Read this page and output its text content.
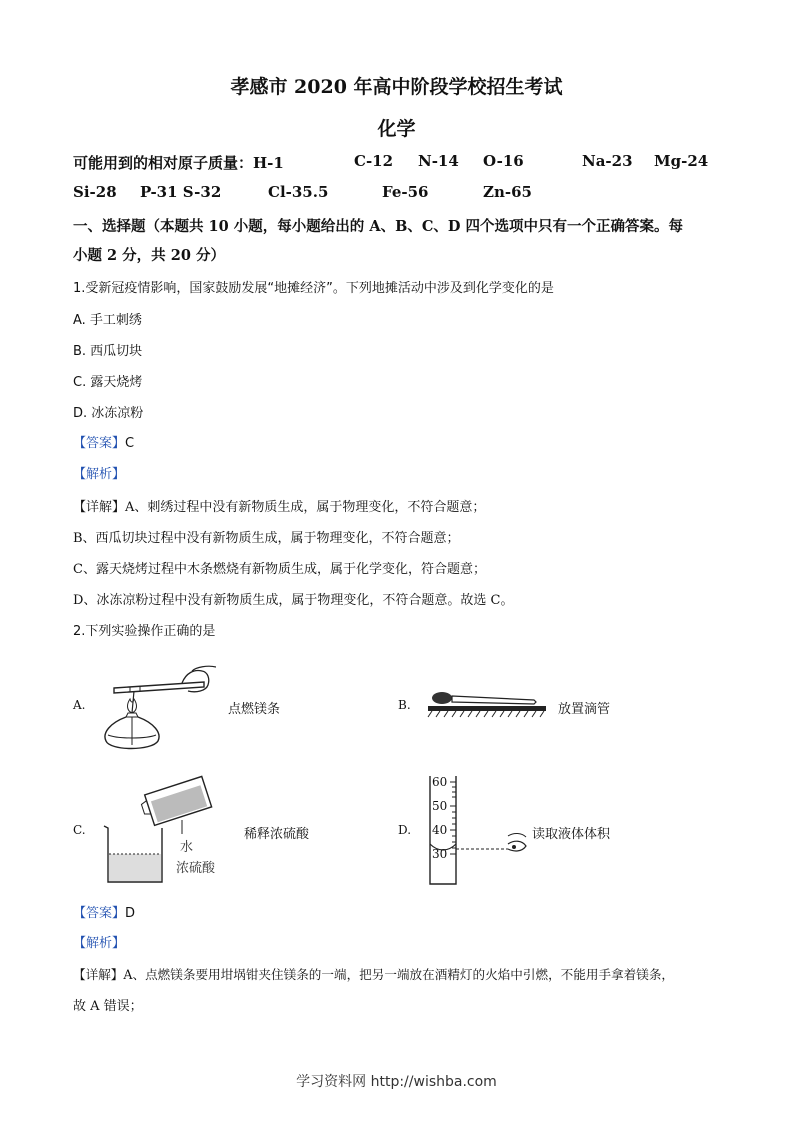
孝感市 2020 年高中阶段学校招生考试
化学
可能用到的相对原子质量：H-1	C-12 N-14 O-16	Na-23 Mg-24
Si-28 P-31 S-32	Cl-35.5	Fe-56	Zn-65
一、选择题（本题共 10 小题，每小题给出的 A、B、C、D 四个选项中只有一个正确答案。每
小题 2 分，共 20 分）
1.受新冠疫情影响，国家鼓励发展“地摊经济”。下列地摊活动中涉及到化学变化的是
A. 手工刺绣
B. 西瓜切块
C. 露天烧烤
D. 冰冻凉粉
【答案】C
【解析】
【详解】A、刺绣过程中没有新物质生成，属于物理变化，不符合题意；
B、西瓜切块过程中没有新物质生成，属于物理变化，不符合题意；
C、露天烧烤过程中木条燃烧有新物质生成，属于化学变化，符合题意；
D、冰冻凉粉过程中没有新物质生成，属于物理变化，不符合题意。故选 C。
2.下列实验操作正确的是
A.	点燃镁条	B.	放置滴管
C.
水
浓硫酸
稀释浓硫酸	D.
60
50
40
30
读取液体体积
【答案】D
【解析】
【详解】A、点燃镁条要用坩埚钳夹住镁条的一端，把另一端放在酒精灯的火焰中引燃，不能用手拿着镁条，
故 A 错误；
学习资料网 http://wishba.com
